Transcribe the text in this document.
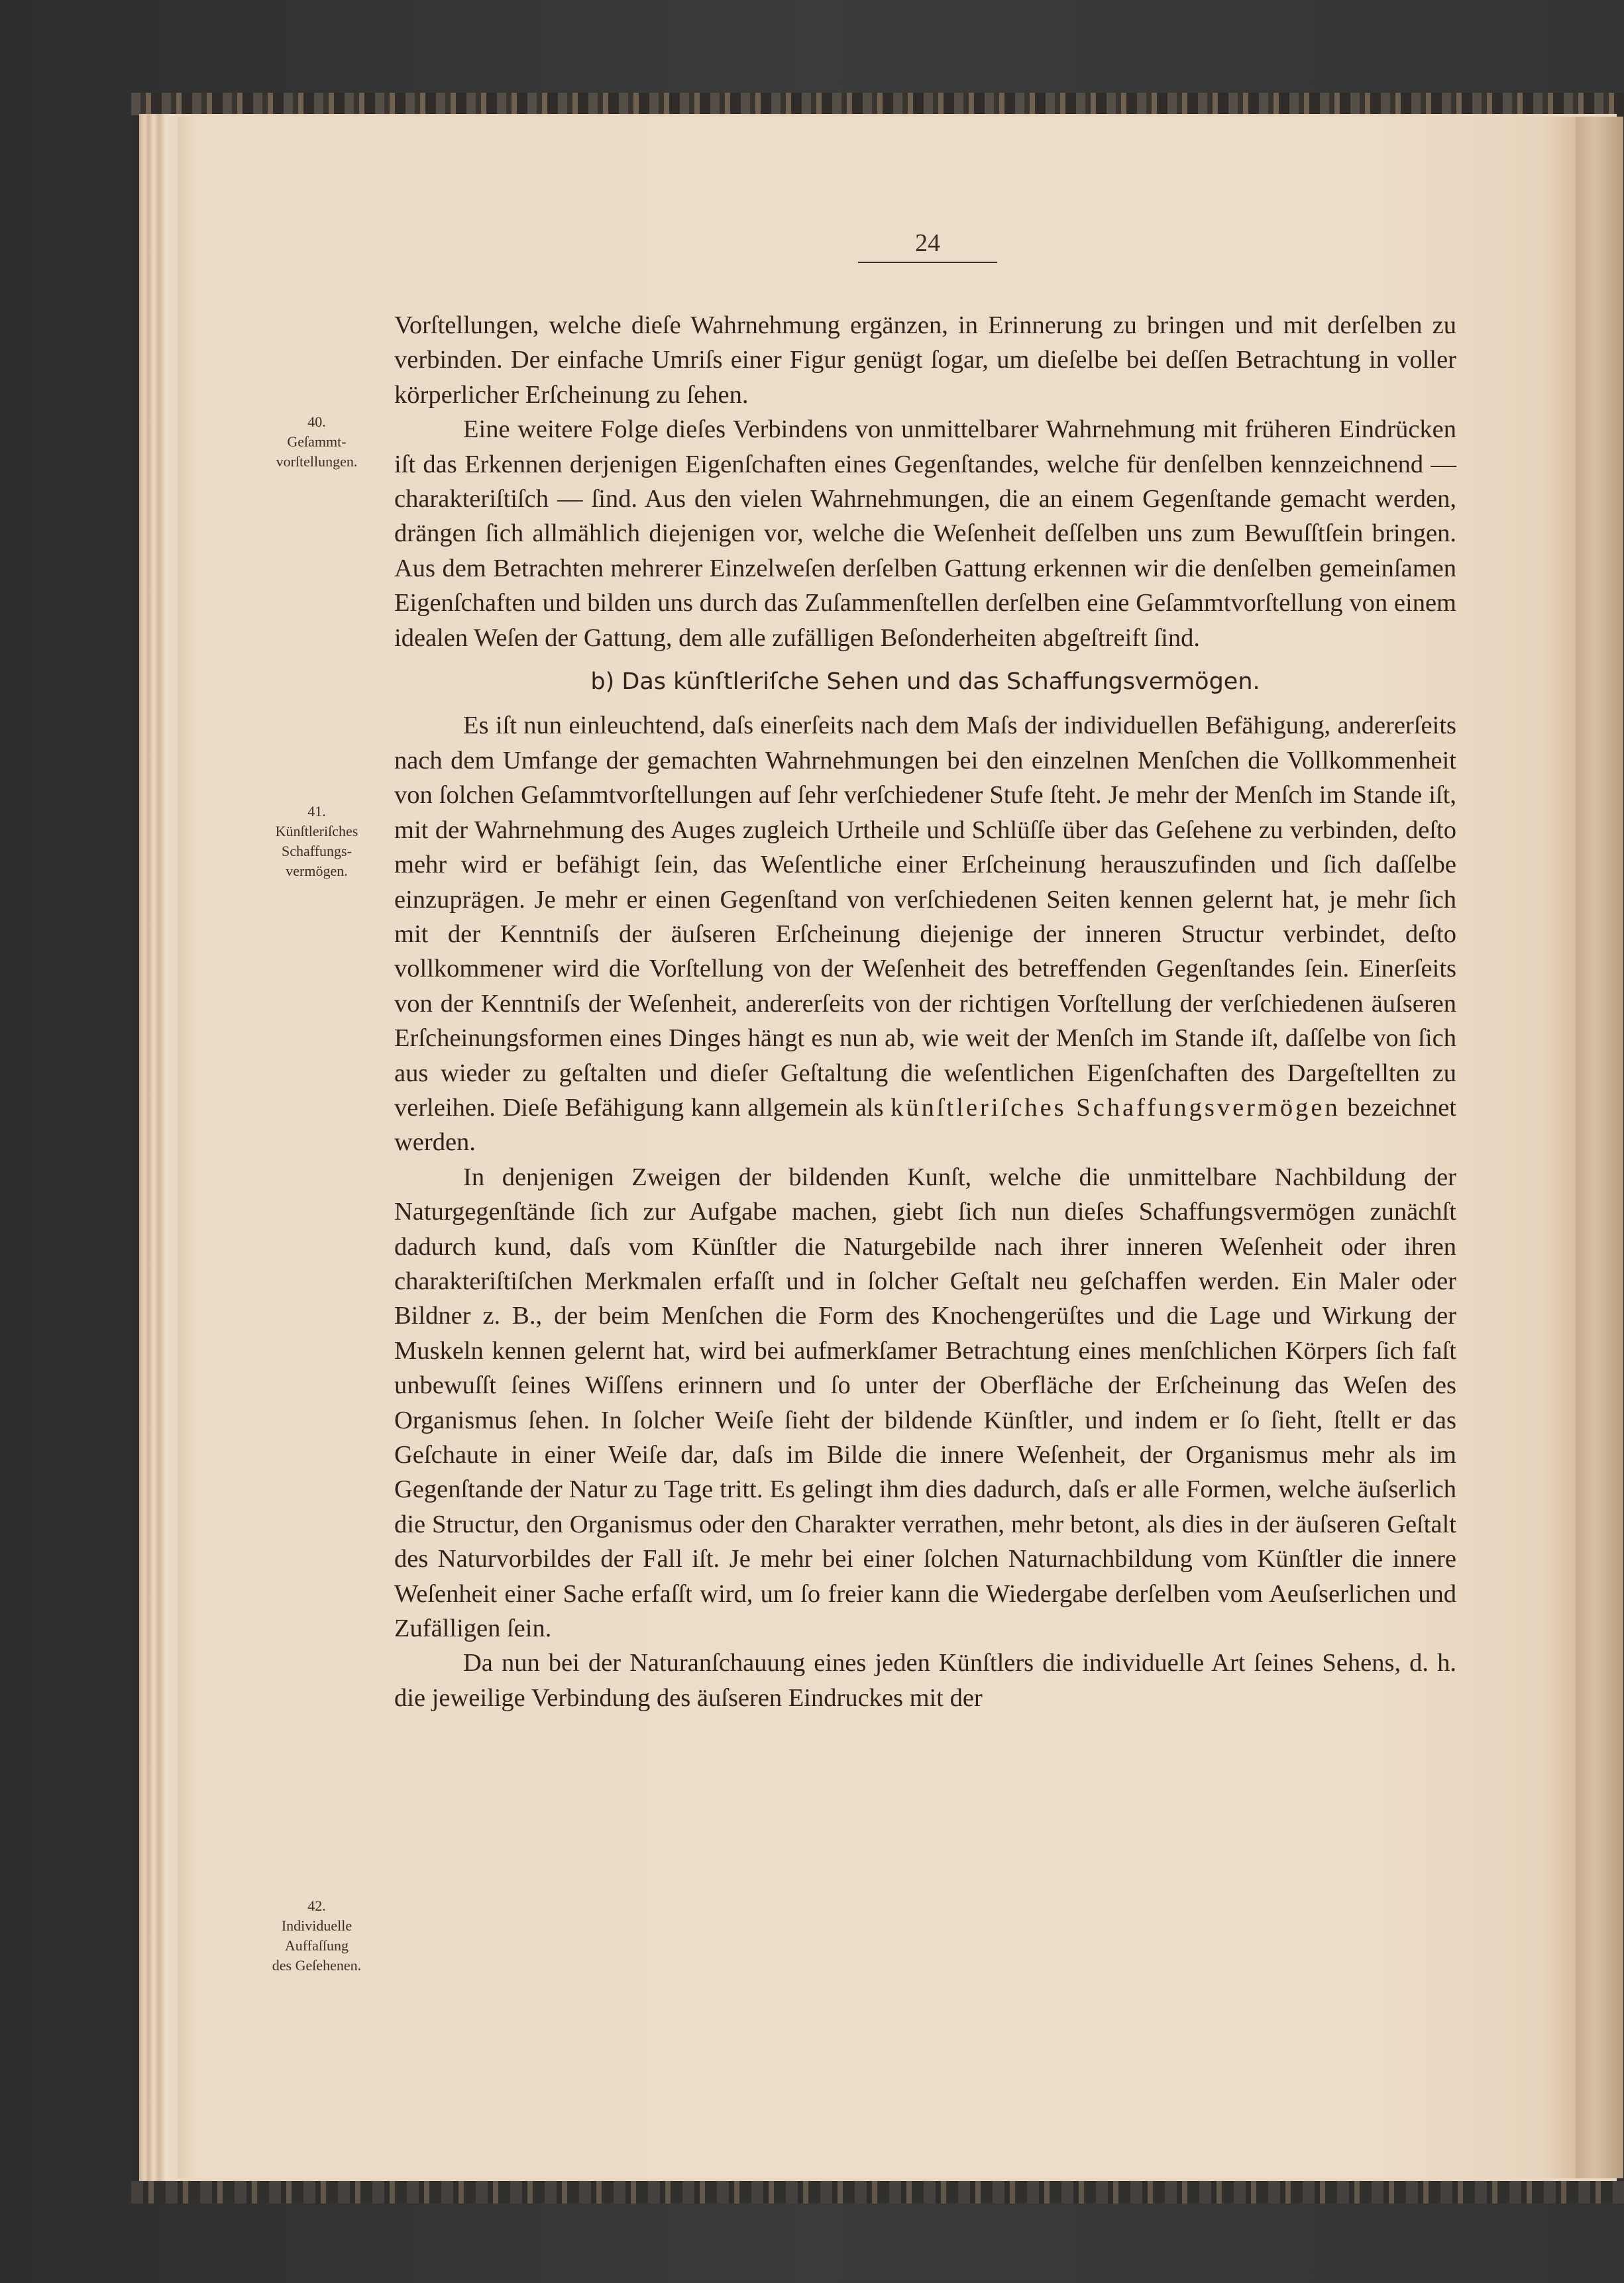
24
40.
Geſammt-
vorſtellungen.
41.
Künſtleriſches
Schaffungs-
vermögen.
42.
Individuelle
Auffaſſung
des Geſehenen.

Vorſtellungen, welche dieſe Wahrnehmung ergänzen, in Erinnerung zu bringen und mit derſelben zu verbinden. Der einfache Umriſs einer Figur genügt ſogar, um dieſelbe bei deſſen Betrachtung in voller körperlicher Erſcheinung zu ſehen.

Eine weitere Folge dieſes Verbindens von unmittelbarer Wahrnehmung mit früheren Eindrücken iſt das Erkennen derjenigen Eigenſchaften eines Gegenſtandes, welche für denſelben kennzeichnend — charakteriſtiſch — ſind. Aus den vielen Wahrnehmungen, die an einem Gegenſtande gemacht werden, drängen ſich allmählich diejenigen vor, welche die Weſenheit deſſelben uns zum Bewuſſtſein bringen. Aus dem Betrachten mehrerer Einzelweſen derſelben Gattung erkennen wir die denſelben gemeinſamen Eigenſchaften und bilden uns durch das Zuſammenſtellen derſelben eine Geſammtvorſtellung von einem idealen Weſen der Gattung, dem alle zufälligen Beſonderheiten abgeſtreift ſind.

b) Das künſtleriſche Sehen und das Schaffungsvermögen.

Es iſt nun einleuchtend, daſs einerſeits nach dem Maſs der individuellen Befähigung, andererſeits nach dem Umfange der gemachten Wahrnehmungen bei den einzelnen Menſchen die Vollkommenheit von ſolchen Geſammtvorſtellungen auf ſehr verſchiedener Stufe ſteht. Je mehr der Menſch im Stande iſt, mit der Wahrnehmung des Auges zugleich Urtheile und Schlüſſe über das Geſehene zu verbinden, deſto mehr wird er befähigt ſein, das Weſentliche einer Erſcheinung herauszufinden und ſich daſſelbe einzuprägen. Je mehr er einen Gegenſtand von verſchiedenen Seiten kennen gelernt hat, je mehr ſich mit der Kenntniſs der äuſseren Erſcheinung diejenige der inneren Structur verbindet, deſto vollkommener wird die Vorſtellung von der Weſenheit des betreffenden Gegenſtandes ſein. Einerſeits von der Kenntniſs der Weſenheit, andererſeits von der richtigen Vorſtellung der verſchiedenen äuſseren Erſcheinungsformen eines Dinges hängt es nun ab, wie weit der Menſch im Stande iſt, daſſelbe von ſich aus wieder zu geſtalten und dieſer Geſtaltung die weſentlichen Eigenſchaften des Dargeſtellten zu verleihen. Dieſe Befähigung kann allgemein als künſtleriſches Schaffungsvermögen bezeichnet werden.

In denjenigen Zweigen der bildenden Kunſt, welche die unmittelbare Nachbildung der Naturgegenſtände ſich zur Aufgabe machen, giebt ſich nun dieſes Schaffungsvermögen zunächſt dadurch kund, daſs vom Künſtler die Naturgebilde nach ihrer inneren Weſenheit oder ihren charakteriſtiſchen Merkmalen erfaſſt und in ſolcher Geſtalt neu geſchaffen werden. Ein Maler oder Bildner z. B., der beim Menſchen die Form des Knochengerüſtes und die Lage und Wirkung der Muskeln kennen gelernt hat, wird bei aufmerkſamer Betrachtung eines menſchlichen Körpers ſich faſt unbewuſſt ſeines Wiſſens erinnern und ſo unter der Oberfläche der Erſcheinung das Weſen des Organismus ſehen. In ſolcher Weiſe ſieht der bildende Künſtler, und indem er ſo ſieht, ſtellt er das Geſchaute in einer Weiſe dar, daſs im Bilde die innere Weſenheit, der Organismus mehr als im Gegenſtande der Natur zu Tage tritt. Es gelingt ihm dies dadurch, daſs er alle Formen, welche äuſserlich die Structur, den Organismus oder den Charakter verrathen, mehr betont, als dies in der äuſseren Geſtalt des Naturvorbildes der Fall iſt. Je mehr bei einer ſolchen Naturnachbildung vom Künſtler die innere Weſenheit einer Sache erfaſſt wird, um ſo freier kann die Wiedergabe derſelben vom Aeuſserlichen und Zufälligen ſein.

Da nun bei der Naturanſchauung eines jeden Künſtlers die individuelle Art ſeines Sehens, d. h. die jeweilige Verbindung des äuſseren Eindruckes mit der
